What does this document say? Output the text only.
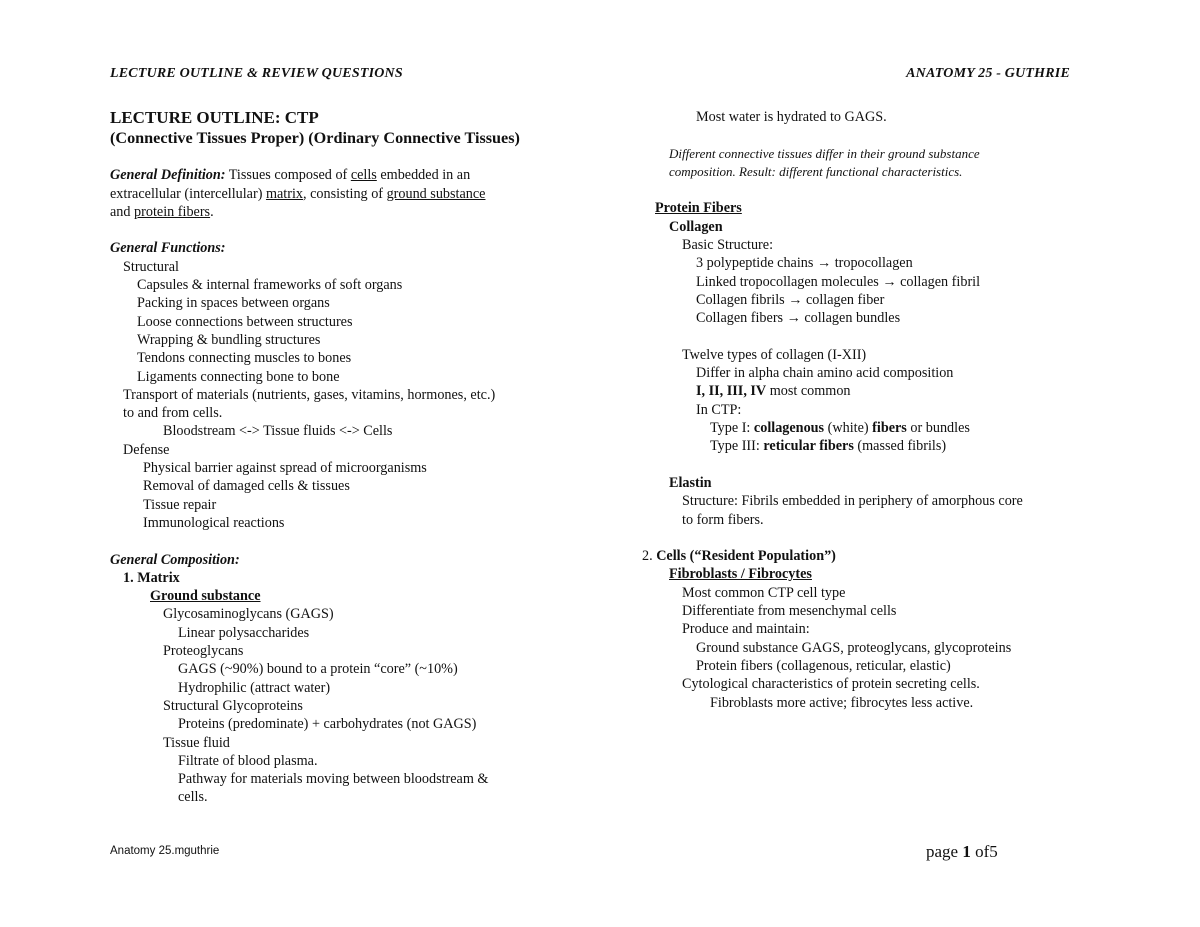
LECTURE OUTLINE & REVIEW QUESTIONS	ANATOMY 25 - GUTHRIE
LECTURE OUTLINE: CTP
(Connective Tissues Proper) (Ordinary Connective Tissues)
General Definition: Tissues composed of cells embedded in an
extracellular (intercellular) matrix, consisting of ground substance
and protein fibers.
General Functions:
Structural
Capsules & internal frameworks of soft organs
Packing in spaces between organs
Loose connections between structures
Wrapping & bundling structures
Tendons connecting muscles to bones
Ligaments connecting bone to bone
Transport of materials (nutrients, gases, vitamins, hormones, etc.)
to and from cells.
Bloodstream <-> Tissue fluids <-> Cells
Defense
Physical barrier against spread of microorganisms
Removal of damaged cells & tissues
Tissue repair
Immunological reactions
General Composition:
1. Matrix
Ground substance
Glycosaminoglycans (GAGS)
Linear polysaccharides
Proteoglycans
GAGS (~90%) bound to a protein “core” (~10%)
Hydrophilic (attract water)
Structural Glycoproteins
Proteins (predominate) + carbohydrates (not GAGS)
Tissue fluid
Filtrate of blood plasma.
Pathway for materials moving between bloodstream &
cells.
Most water is hydrated to GAGS.
Different connective tissues differ in their ground substance
composition. Result: different functional characteristics.
Protein Fibers
Collagen
Basic Structure:
3 polypeptide chains → tropocollagen
Linked tropocollagen molecules → collagen fibril
Collagen fibrils → collagen fiber
Collagen fibers → collagen bundles
Twelve types of collagen (I-XII)
Differ in alpha chain amino acid composition
I, II, III, IV most common
In CTP:
Type I: collagenous (white) fibers or bundles
Type III: reticular fibers (massed fibrils)
Elastin
Structure: Fibrils embedded in periphery of amorphous core
to form fibers.
2. Cells (“Resident Population”)
Fibroblasts / Fibrocytes
Most common CTP cell type
Differentiate from mesenchymal cells
Produce and maintain:
Ground substance GAGS, proteoglycans, glycoproteins
Protein fibers (collagenous, reticular, elastic)
Cytological characteristics of protein secreting cells.
Fibroblasts more active; fibrocytes less active.
Anatomy 25.mguthrie	page 1 of5
